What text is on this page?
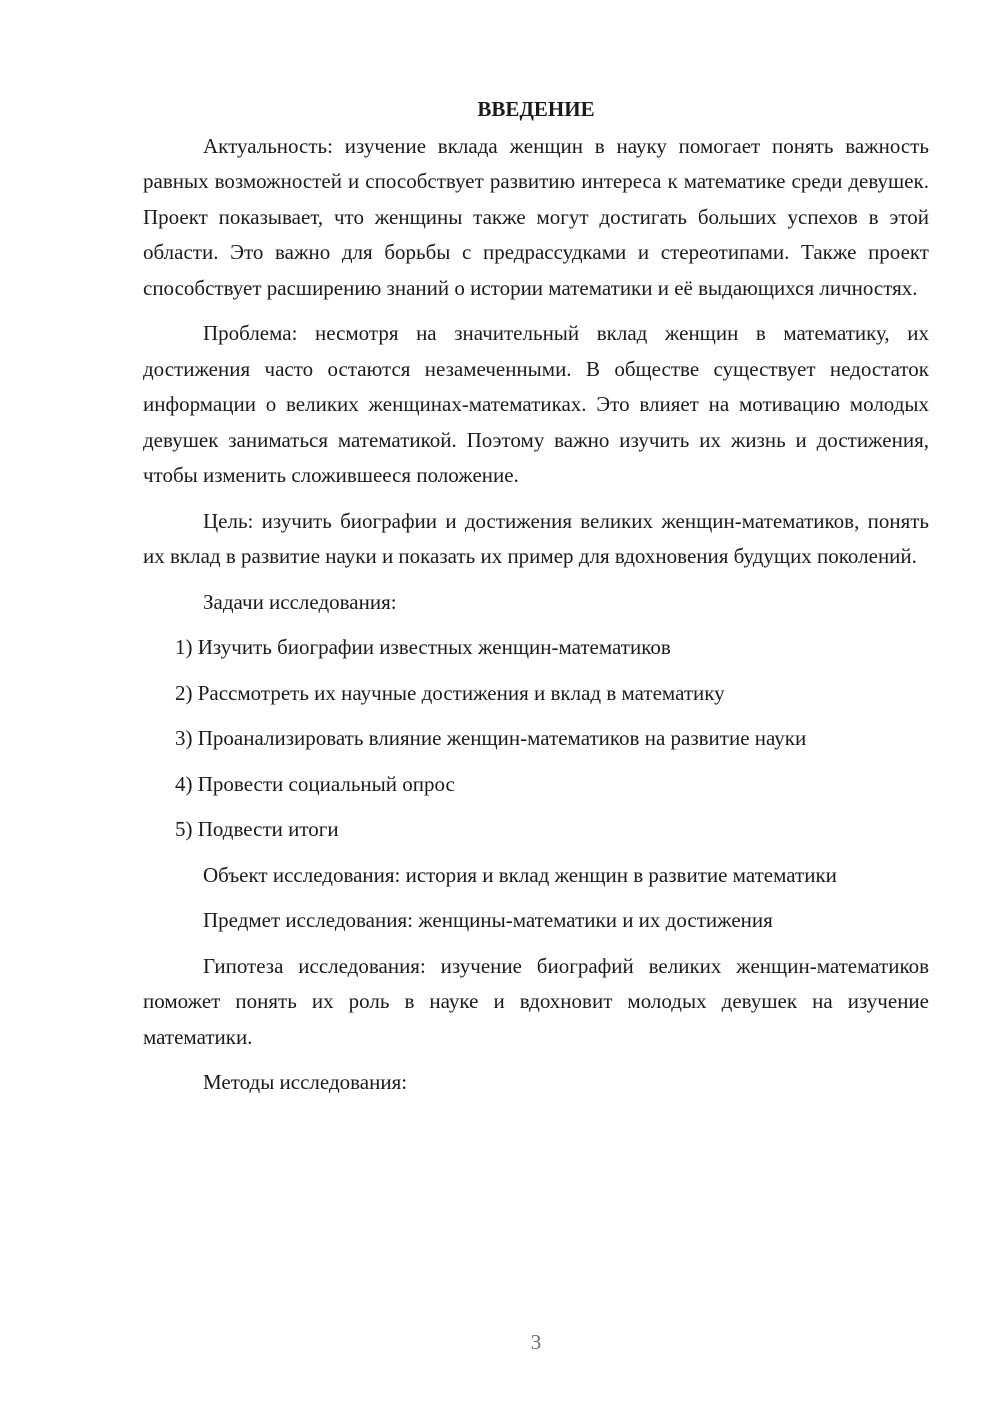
ВВЕДЕНИЕ

Актуальность: изучение вклада женщин в науку помогает понять важность равных возможностей и способствует развитию интереса к математике среди девушек. Проект показывает, что женщины также могут достигать больших успехов в этой области. Это важно для борьбы с предрассудками и стереотипами. Также проект способствует расширению знаний о истории математики и её выдающихся личностях.

Проблема: несмотря на значительный вклад женщин в математику, их достижения часто остаются незамеченными. В обществе существует недостаток информации о великих женщинах-математиках. Это влияет на мотивацию молодых девушек заниматься математикой. Поэтому важно изучить их жизнь и достижения, чтобы изменить сложившееся положение.

Цель: изучить биографии и достижения великих женщин-математиков, понять их вклад в развитие науки и показать их пример для вдохновения будущих поколений.

Задачи исследования:

1) Изучить биографии известных женщин-математиков

2) Рассмотреть их научные достижения и вклад в математику

3) Проанализировать влияние женщин-математиков на развитие науки

4) Провести социальный опрос

5) Подвести итоги

Объект исследования: история и вклад женщин в развитие математики

Предмет исследования: женщины-математики и их достижения

Гипотеза исследования: изучение биографий великих женщин-математиков поможет понять их роль в науке и вдохновит молодых девушек на изучение математики.

Методы исследования:

3
